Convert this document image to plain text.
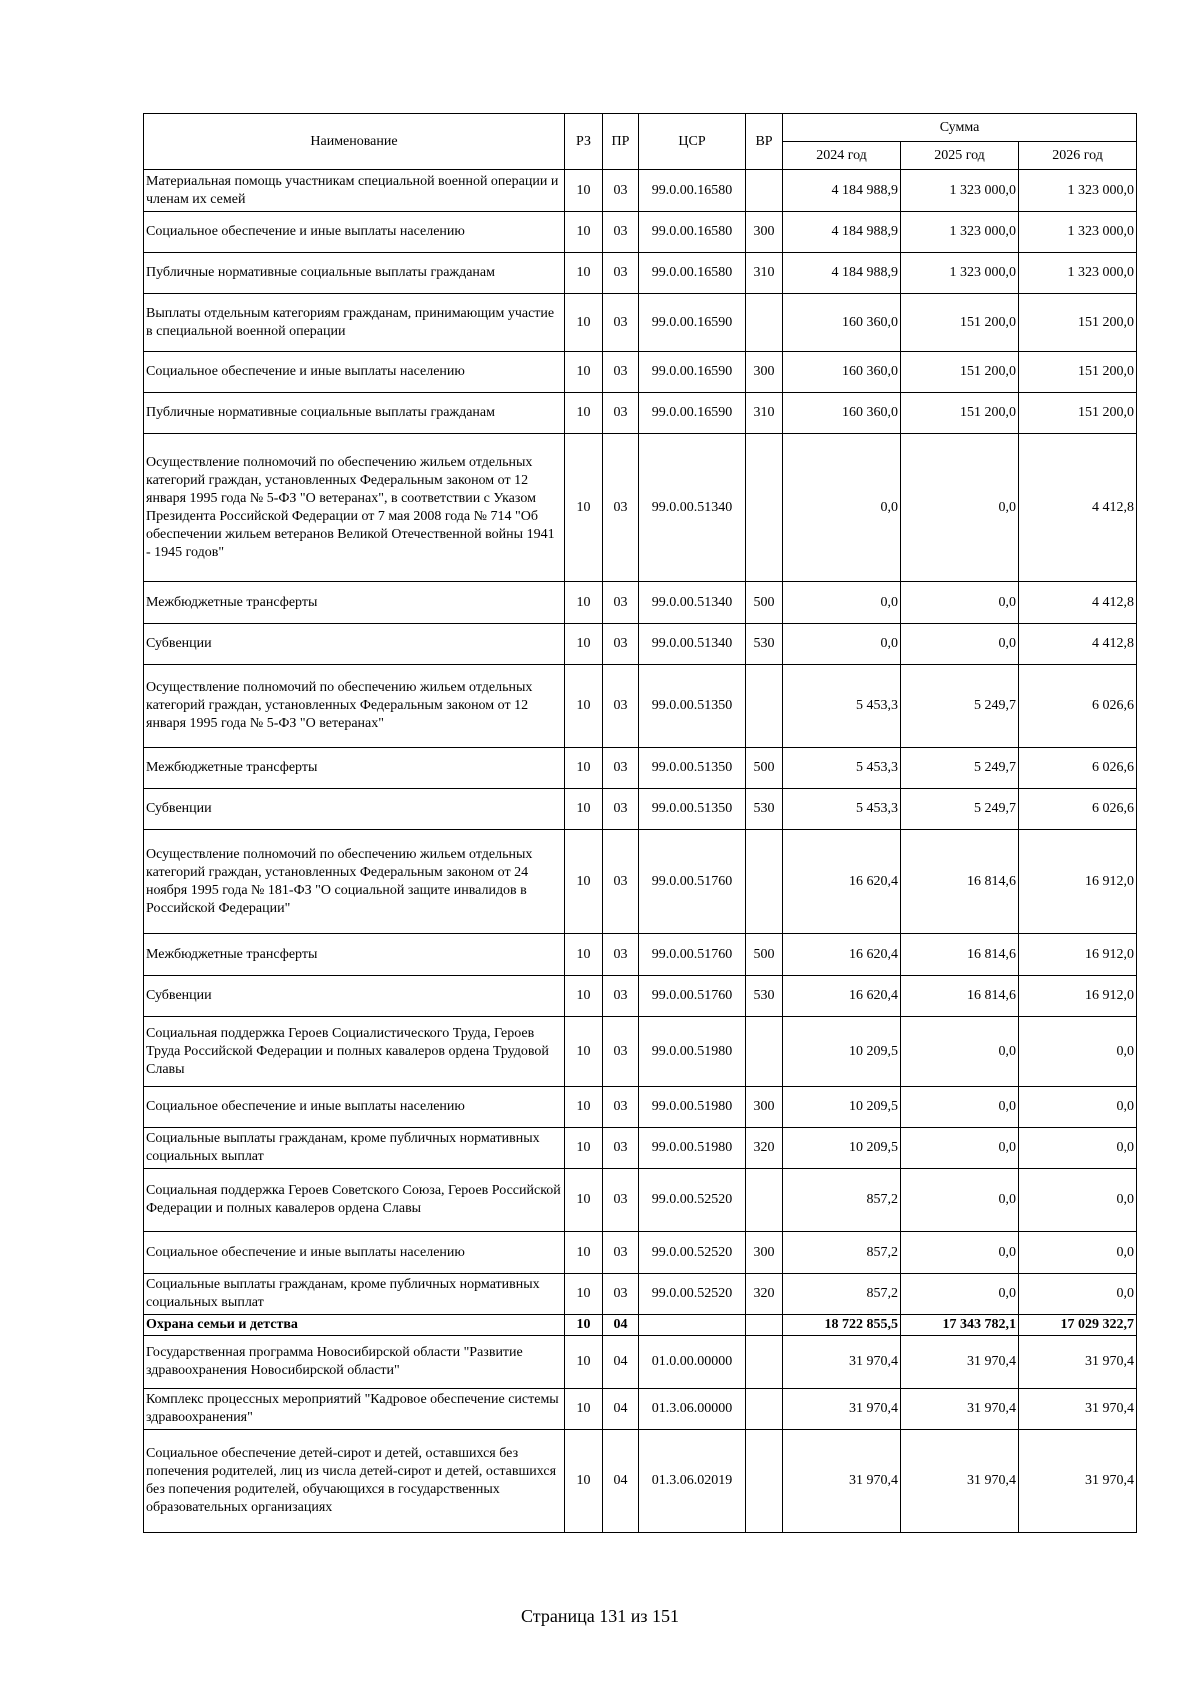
Наименование	РЗ	ПР	ЦСР	ВР	Сумма		
					2024 год	2025 год	2026 год
Материальная помощь участникам специальной военной операции и членам их семей	10	03	99.0.00.16580		4 184 988,9	1 323 000,0	1 323 000,0
Социальное обеспечение и иные выплаты населению	10	03	99.0.00.16580	300	4 184 988,9	1 323 000,0	1 323 000,0
Публичные нормативные социальные выплаты гражданам	10	03	99.0.00.16580	310	4 184 988,9	1 323 000,0	1 323 000,0
Выплаты отдельным категориям гражданам, принимающим участие в специальной военной операции	10	03	99.0.00.16590		160 360,0	151 200,0	151 200,0
Социальное обеспечение и иные выплаты населению	10	03	99.0.00.16590	300	160 360,0	151 200,0	151 200,0
Публичные нормативные социальные выплаты гражданам	10	03	99.0.00.16590	310	160 360,0	151 200,0	151 200,0
Осуществление полномочий по обеспечению жильем отдельных категорий граждан, установленных Федеральным законом от 12 января 1995 года № 5-ФЗ "О ветеранах", в соответствии с Указом Президента Российской Федерации от 7 мая 2008 года № 714 "Об обеспечении жильем ветеранов Великой Отечественной войны 1941 - 1945 годов"	10	03	99.0.00.51340		0,0	0,0	4 412,8
Межбюджетные трансферты	10	03	99.0.00.51340	500	0,0	0,0	4 412,8
Субвенции	10	03	99.0.00.51340	530	0,0	0,0	4 412,8
Осуществление полномочий по обеспечению жильем отдельных категорий граждан, установленных Федеральным законом от 12 января 1995 года № 5-ФЗ "О ветеранах"	10	03	99.0.00.51350		5 453,3	5 249,7	6 026,6
Межбюджетные трансферты	10	03	99.0.00.51350	500	5 453,3	5 249,7	6 026,6
Субвенции	10	03	99.0.00.51350	530	5 453,3	5 249,7	6 026,6
Осуществление полномочий по обеспечению жильем отдельных категорий граждан, установленных Федеральным законом от 24 ноября 1995 года № 181-ФЗ "О социальной защите инвалидов в Российской Федерации"	10	03	99.0.00.51760		16 620,4	16 814,6	16 912,0
Межбюджетные трансферты	10	03	99.0.00.51760	500	16 620,4	16 814,6	16 912,0
Субвенции	10	03	99.0.00.51760	530	16 620,4	16 814,6	16 912,0
Социальная поддержка Героев Социалистического Труда, Героев Труда Российской Федерации и полных кавалеров ордена Трудовой Славы	10	03	99.0.00.51980		10 209,5	0,0	0,0
Социальное обеспечение и иные выплаты населению	10	03	99.0.00.51980	300	10 209,5	0,0	0,0
Социальные выплаты гражданам, кроме публичных нормативных социальных выплат	10	03	99.0.00.51980	320	10 209,5	0,0	0,0
Социальная поддержка Героев Советского Союза, Героев Российской Федерации и полных кавалеров ордена Славы	10	03	99.0.00.52520		857,2	0,0	0,0
Социальное обеспечение и иные выплаты населению	10	03	99.0.00.52520	300	857,2	0,0	0,0
Социальные выплаты гражданам, кроме публичных нормативных социальных выплат	10	03	99.0.00.52520	320	857,2	0,0	0,0
Охрана семьи и детства	10	04			18 722 855,5	17 343 782,1	17 029 322,7
Государственная программа Новосибирской области "Развитие здравоохранения Новосибирской области"	10	04	01.0.00.00000		31 970,4	31 970,4	31 970,4
Комплекс процессных мероприятий "Кадровое обеспечение системы здравоохранения"	10	04	01.3.06.00000		31 970,4	31 970,4	31 970,4
Социальное обеспечение детей-сирот и детей, оставшихся без попечения родителей, лиц из числа детей-сирот и детей, оставшихся без попечения родителей, обучающихся в государственных образовательных организациях	10	04	01.3.06.02019		31 970,4	31 970,4	31 970,4
Страница 131 из 151
